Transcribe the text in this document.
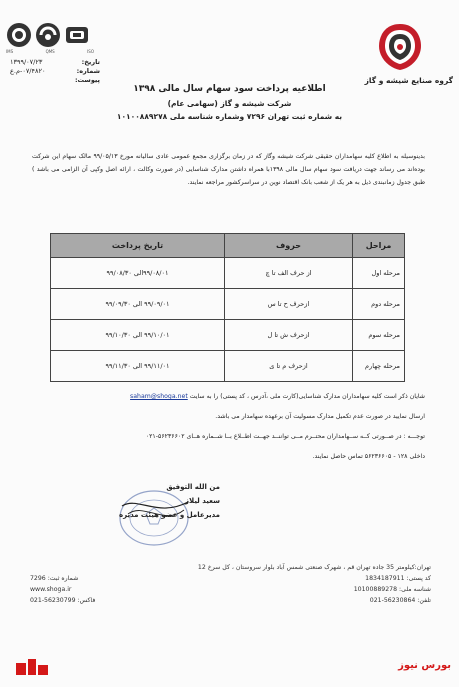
گروه صنایع شیشه و گاز
IMS	QMS	ISO
تاریخ:
۱۳۹۹/۰۷/۲۳
شماره:
۰۷/۴۸۲۰-م.ع
پیوست:
اطلاعیه پرداخت سود سهام سال مالی ۱۳۹۸
شرکت شیشه و گاز (سهامی عام)
به شماره ثبت تهران ۷۲۹۶ وشماره شناسه ملی ۱۰۱۰۰۸۸۹۲۷۸
بدینوسیله به اطلاع کلیه سهامداران حقیقی شرکت شیشه وگاز که در زمان برگزاری مجمع عمومی عادی سالیانه مورخ ۹۹/۰۵/۱۳ مالک سهام این شرکت بوده‌اند می رساند جهت دریافت سود سهام سال مالی ۱۳۹۸با همراه داشتن مدارک شناسایی (در صورت وکالت ، ارائه اصل وکپی آن الزامی می باشد ) طبق جدول زمانبندی ذیل به هر یک از شعب بانک اقتصاد نوین در سراسرکشور مراجعه نمایند.
مراحل	حروف	تاریخ پرداخت
مرحله اول	از حرف الف تا چ	۹۹/۰۸/۰۱الی ۹۹/۰۸/۳۰
مرحله دوم	ازحرف ح تا س	۹۹/۰۹/۰۱ الی ۹۹/۰۹/۳۰
مرحله سوم	ازحرف ش تا ل	۹۹/۱۰/۰۱ الی ۹۹/۱۰/۳۰
مرحله چهارم	ازحرف م تا ی	۹۹/۱۱/۰۱ الی ۹۹/۱۱/۳۰

شایان ذکر است کلیه سهامداران مدارک شناسایی(کارت ملی ،آدرس ، کد پستی) را به سایت saham@shoga.net

ارسال نمایید در صورت عدم تکمیل مدارک مسولیت آن برعهده سهامدار می باشد.

توجـــه : در صــورتی کــه ســهامداران محتــرم مــی تواننــد جهــت اطــلاع بــا شــماره هــای ۵۶۲۳۶۶۰۲-۰۲۱

داخلی ۱۲۸ - ۵۶۲۳۶۶۰۵ تماس حاصل نمایند.

من الله التوفیق
سعید لیلاز
مدیرعامل و عضو هیئت مدیره
تهران:کیلومتر 35 جاده تهران قم ، شهرک صنعتی شمس آباد بلوار سروستان ، کل سرخ 12
کد پستی: 1834187911
شماره ثبت: 7296
شناسه ملی: 10100889278
www.shoga.ir
تلفن: 56230864-021
فاکس: 56230799-021
بورس نیوز
